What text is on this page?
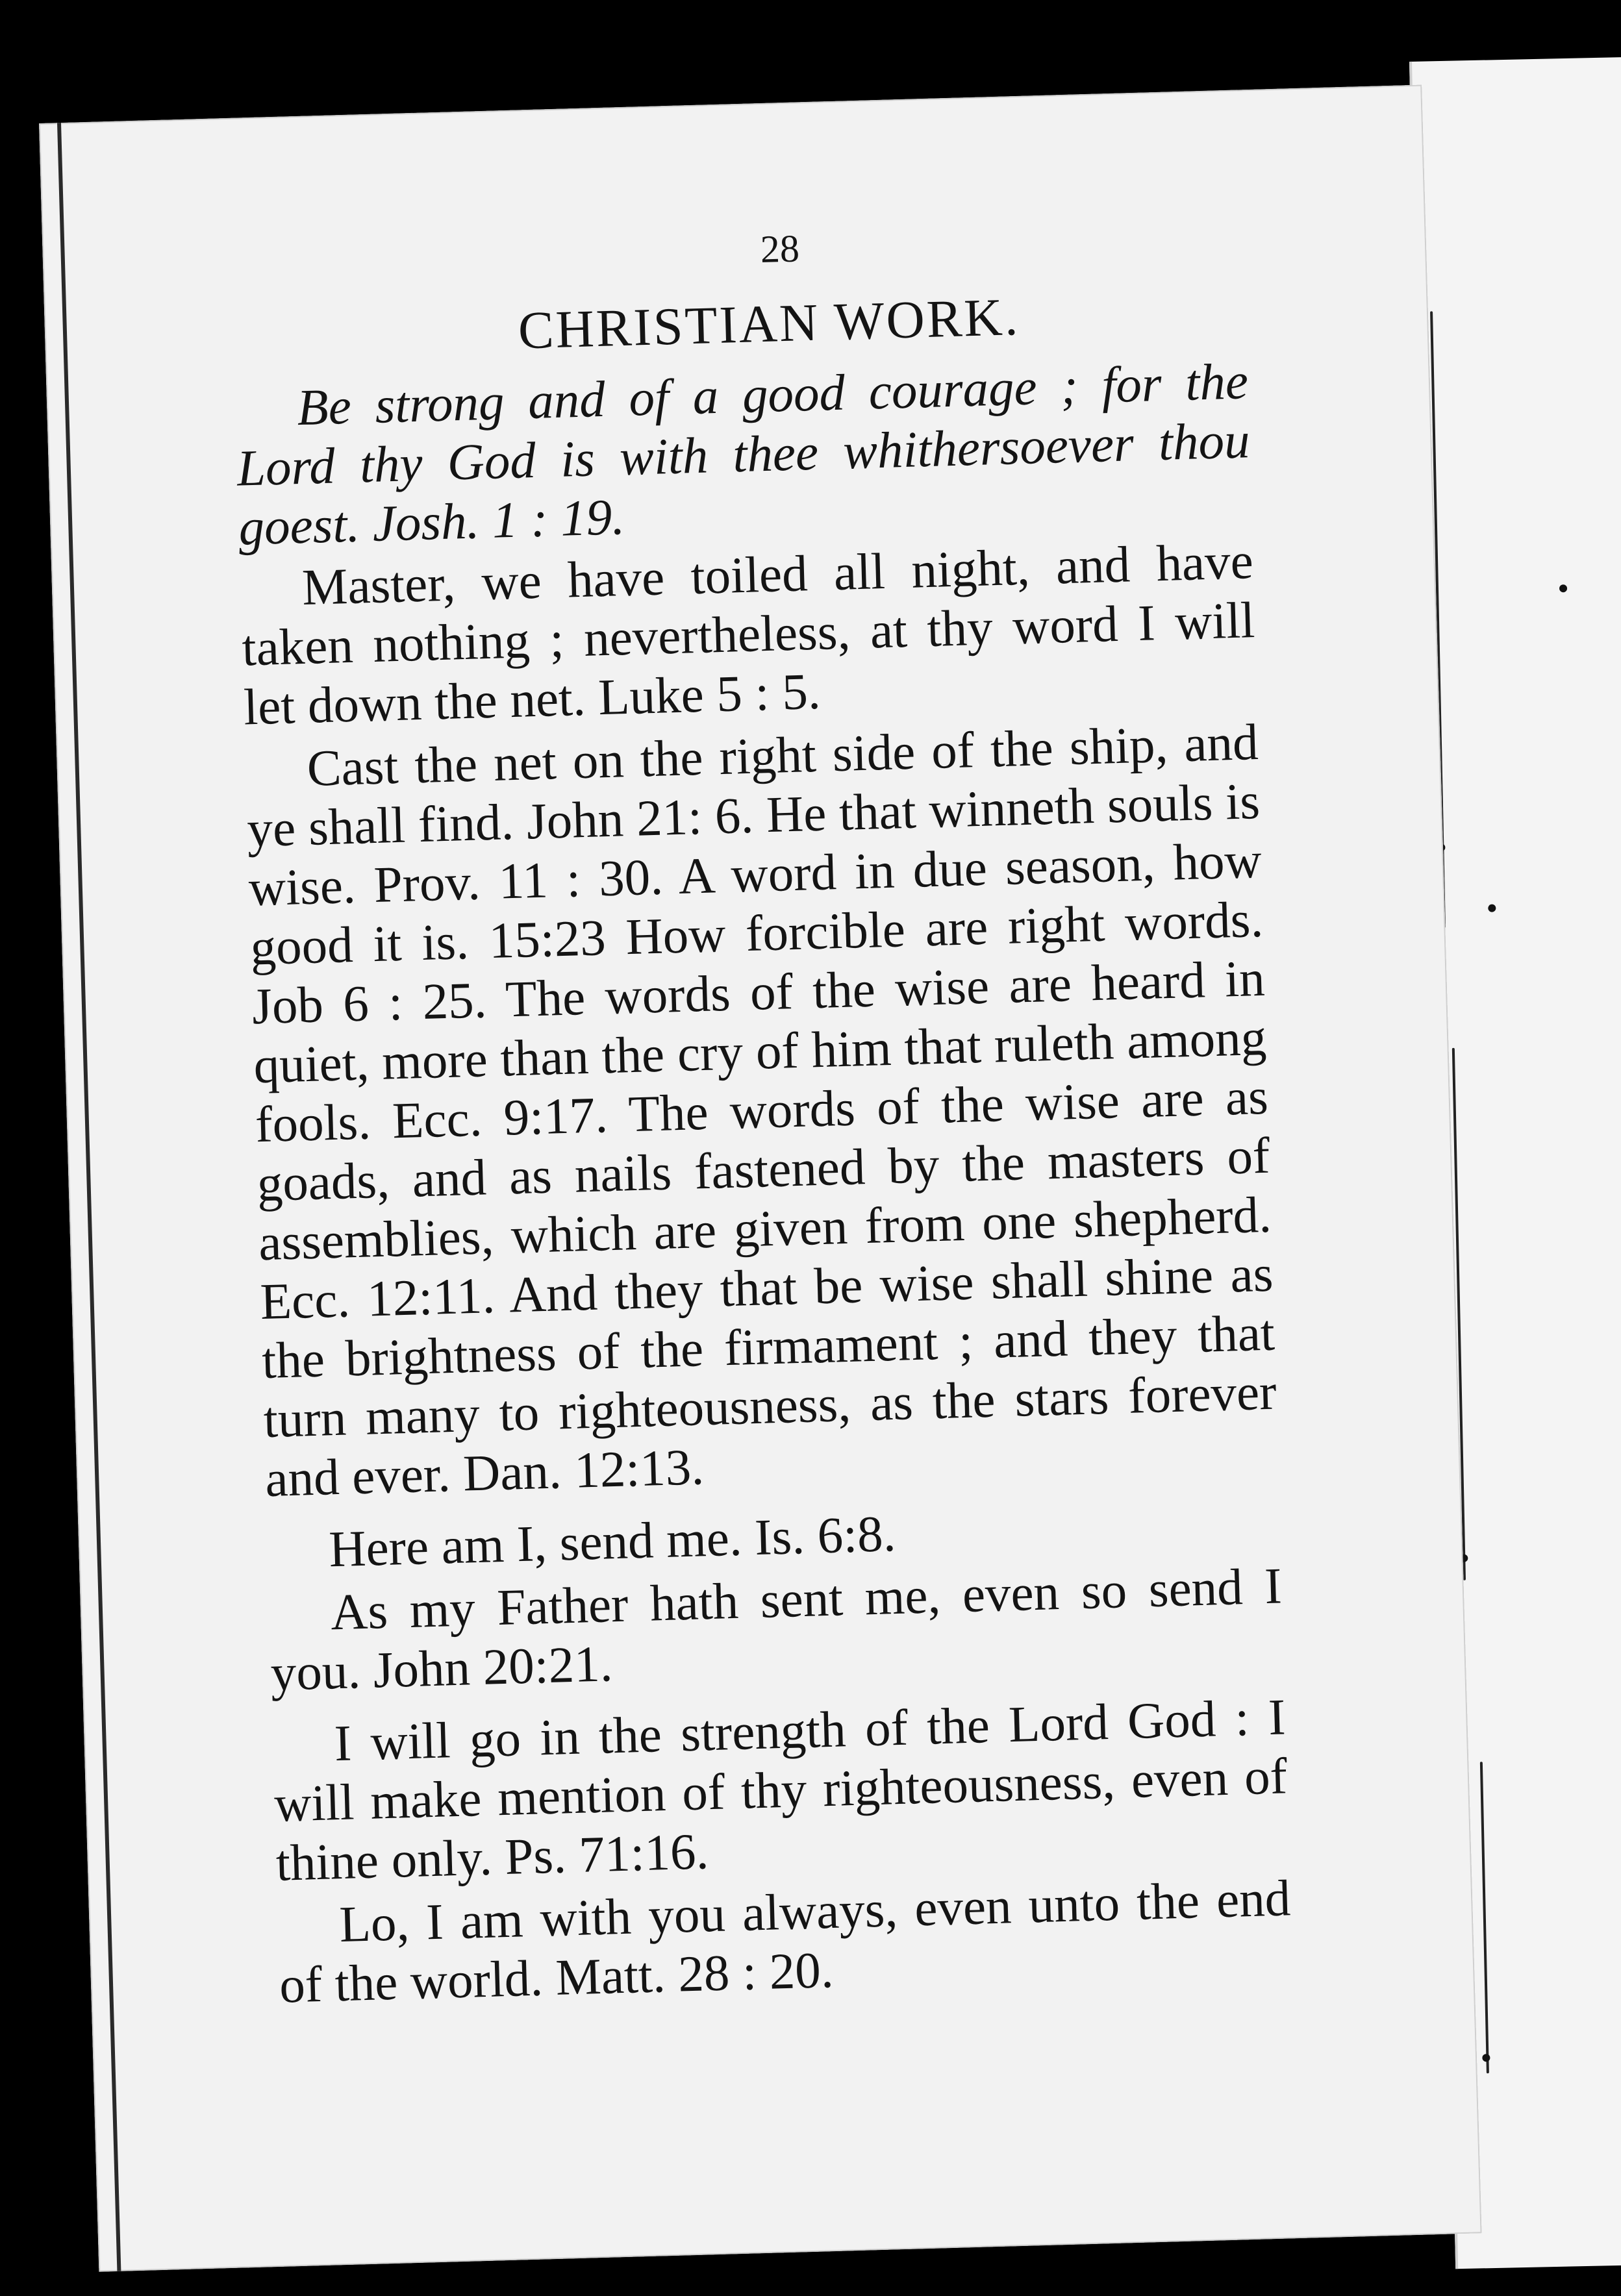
28
CHRISTIAN WORK.

Be strong and of a good courage ; for the Lord thy God is with thee whithersoever thou goest. Josh. 1 : 19.

Master, we have toiled all night, and have taken nothing ; nevertheless, at thy word I will let down the net. Luke 5 : 5.

Cast the net on the right side of the ship, and ye shall find. John 21: 6. He that winneth souls is wise. Prov. 11 : 30. A word in due season, how good it is. 15:23 How forcible are right words. Job 6 : 25. The words of the wise are heard in quiet, more than the cry of him that ruleth among fools. Ecc. 9:17. The words of the wise are as goads, and as nails fastened by the masters of assemblies, which are given from one shepherd. Ecc. 12:11. And they that be wise shall shine as the brightness of the firmament ; and they that turn many to righteousness, as the stars forever and ever. Dan. 12:13.

Here am I, send me. Is. 6:8.

As my Father hath sent me, even so send I you. John 20:21.

I will go in the strength of the Lord God : I will make mention of thy righteousness, even of thine only. Ps. 71:16.

Lo, I am with you always, even unto the end of the world. Matt. 28 : 20.
